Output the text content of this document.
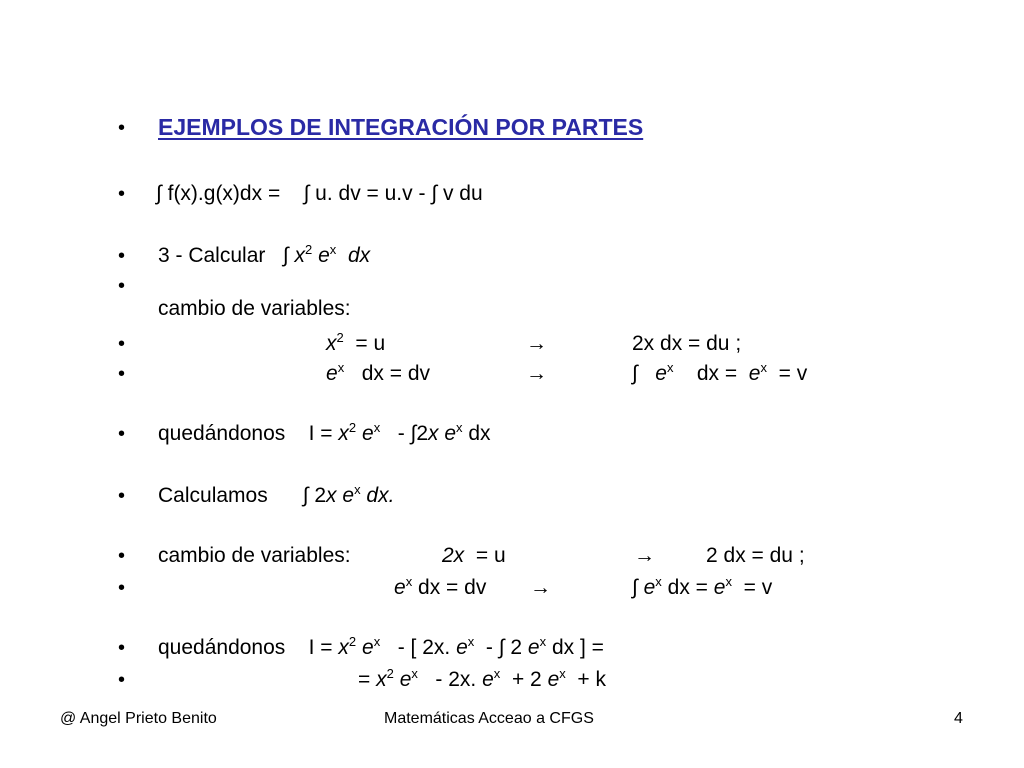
•
•
•
•
•
•
•
•
•
•
•
•
EJEMPLOS DE INTEGRACIÓN POR PARTES
∫ f(x).g(x)dx = ∫ u. dv = u.v - ∫ v du
3 - Calcular ∫ $x^2$ $e^x$ dx
cambio de variables:
$x^2 = u$	→	2x dx = du ;
$e^x$ dx = dv	→	∫ $e^x$ dx = $e^x = v$
quedándonos $I = x^2$ $e^x - \int 2x$ $e^x$ dx
Calculamos ∫ 2x $e^x$ dx.
cambio de variables:	2x = u	→ 2 dx = du ;
$e^x$ dx = dv →	∫ $e^x$ dx = $e^x = v$
quedándonos $I = x^2$ $e^x$ - [ 2x. $e^x$ - ∫ 2 $e^x$ dx ] =
= $x^2$ $e^x - 2x$. $e^x + 2$ $e^x + k$
@ Angel Prieto Benito	Matemáticas Acceao a CFGS	4
